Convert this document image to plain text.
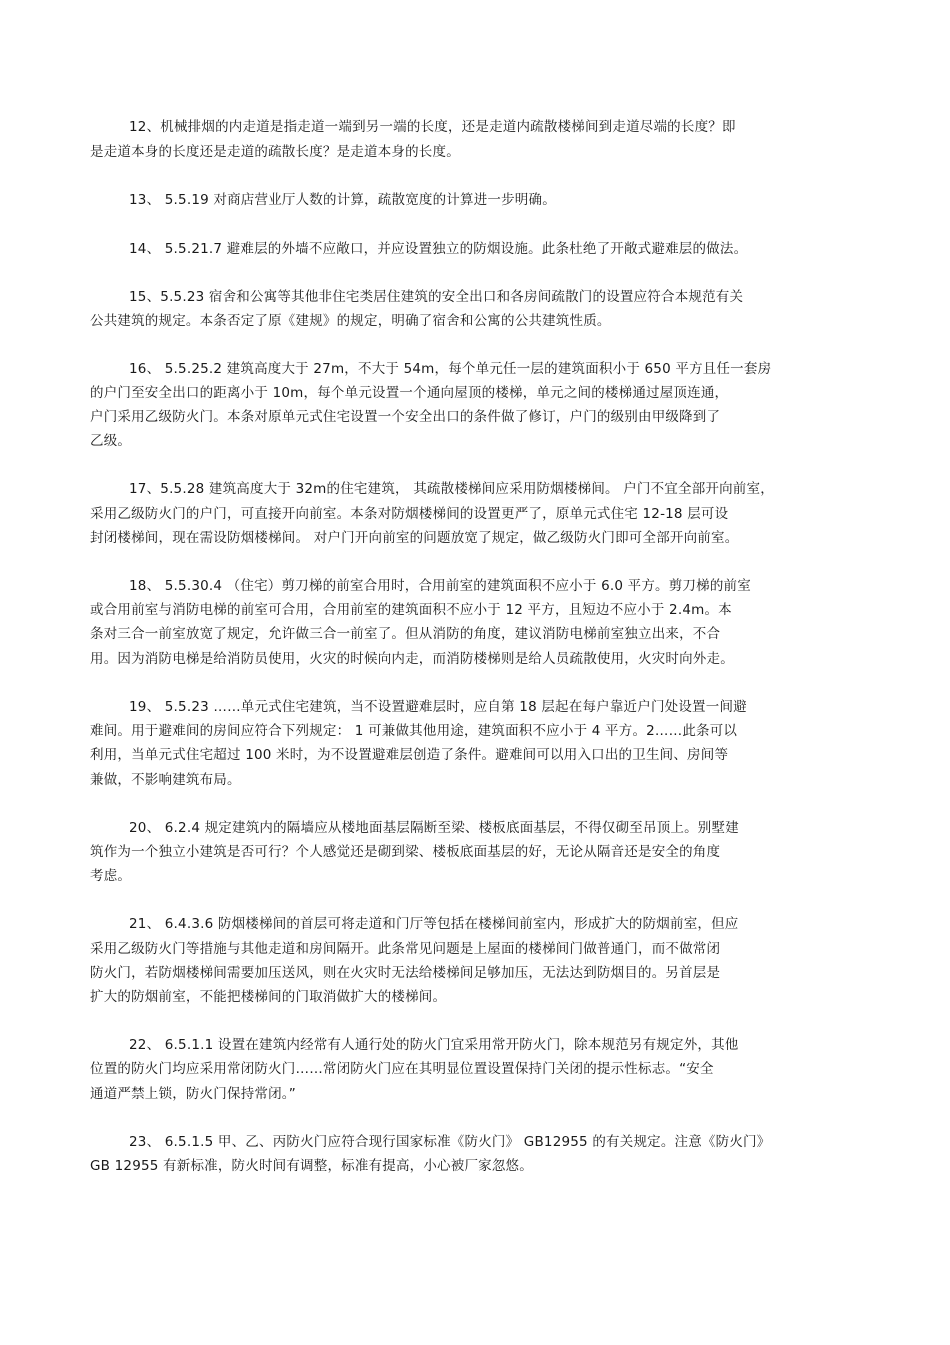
12、机械排烟的内走道是指走道一端到另一端的长度，还是走道内疏散楼梯间到走道尽端的长度？即
是走道本身的长度还是走道的疏散长度？是走道本身的长度。
13、 5.5.19 对商店营业厅人数的计算，疏散宽度的计算进一步明确。
14、 5.5.21.7 避难层的外墙不应敞口，并应设置独立的防烟设施。此条杜绝了开敞式避难层的做法。
15、5.5.23 宿舍和公寓等其他非住宅类居住建筑的安全出口和各房间疏散门的设置应符合本规范有关
公共建筑的规定。本条否定了原《建规》的规定，明确了宿舍和公寓的公共建筑性质。
16、 5.5.25.2 建筑高度大于 27m，不大于 54m，每个单元任一层的建筑面积小于 650 平方且任一套房
的户门至安全出口的距离小于 10m，每个单元设置一个通向屋顶的楼梯，单元之间的楼梯通过屋顶连通，
户门采用乙级防火门。本条对原单元式住宅设置一个安全出口的条件做了修订，户门的级别由甲级降到了
乙级。
17、5.5.28 建筑高度大于 32m的住宅建筑， 其疏散楼梯间应采用防烟楼梯间。 户门不宜全部开向前室，
采用乙级防火门的户门，可直接开向前室。本条对防烟楼梯间的设置更严了，原单元式住宅 12-18 层可设
封闭楼梯间，现在需设防烟楼梯间。 对户门开向前室的问题放宽了规定，做乙级防火门即可全部开向前室。
18、 5.5.30.4 （住宅）剪刀梯的前室合用时，合用前室的建筑面积不应小于 6.0 平方。剪刀梯的前室
或合用前室与消防电梯的前室可合用，合用前室的建筑面积不应小于 12 平方，且短边不应小于 2.4m。本
条对三合一前室放宽了规定，允许做三合一前室了。但从消防的角度，建议消防电梯前室独立出来，不合
用。因为消防电梯是给消防员使用，火灾的时候向内走，而消防楼梯则是给人员疏散使用，火灾时向外走。
19、 5.5.23 ……单元式住宅建筑，当不设置避难层时，应自第 18 层起在每户靠近户门处设置一间避
难间。用于避难间的房间应符合下列规定： 1 可兼做其他用途，建筑面积不应小于 4 平方。2……此条可以
利用，当单元式住宅超过 100 米时，为不设置避难层创造了条件。避难间可以用入口出的卫生间、房间等
兼做，不影响建筑布局。
20、 6.2.4 规定建筑内的隔墙应从楼地面基层隔断至梁、楼板底面基层，不得仅砌至吊顶上。别墅建
筑作为一个独立小建筑是否可行？个人感觉还是砌到梁、楼板底面基层的好，无论从隔音还是安全的角度
考虑。
21、 6.4.3.6 防烟楼梯间的首层可将走道和门厅等包括在楼梯间前室内，形成扩大的防烟前室，但应
采用乙级防火门等措施与其他走道和房间隔开。此条常见问题是上屋面的楼梯间门做普通门，而不做常闭
防火门，若防烟楼梯间需要加压送风，则在火灾时无法给楼梯间足够加压，无法达到防烟目的。另首层是
扩大的防烟前室，不能把楼梯间的门取消做扩大的楼梯间。
22、 6.5.1.1 设置在建筑内经常有人通行处的防火门宜采用常开防火门，除本规范另有规定外，其他
位置的防火门均应采用常闭防火门……常闭防火门应在其明显位置设置保持门关闭的提示性标志。“安全
通道严禁上锁，防火门保持常闭。”
23、 6.5.1.5 甲、乙、丙防火门应符合现行国家标准《防火门》 GB12955 的有关规定。注意《防火门》
GB 12955 有新标准，防火时间有调整，标准有提高，小心被厂家忽悠。
